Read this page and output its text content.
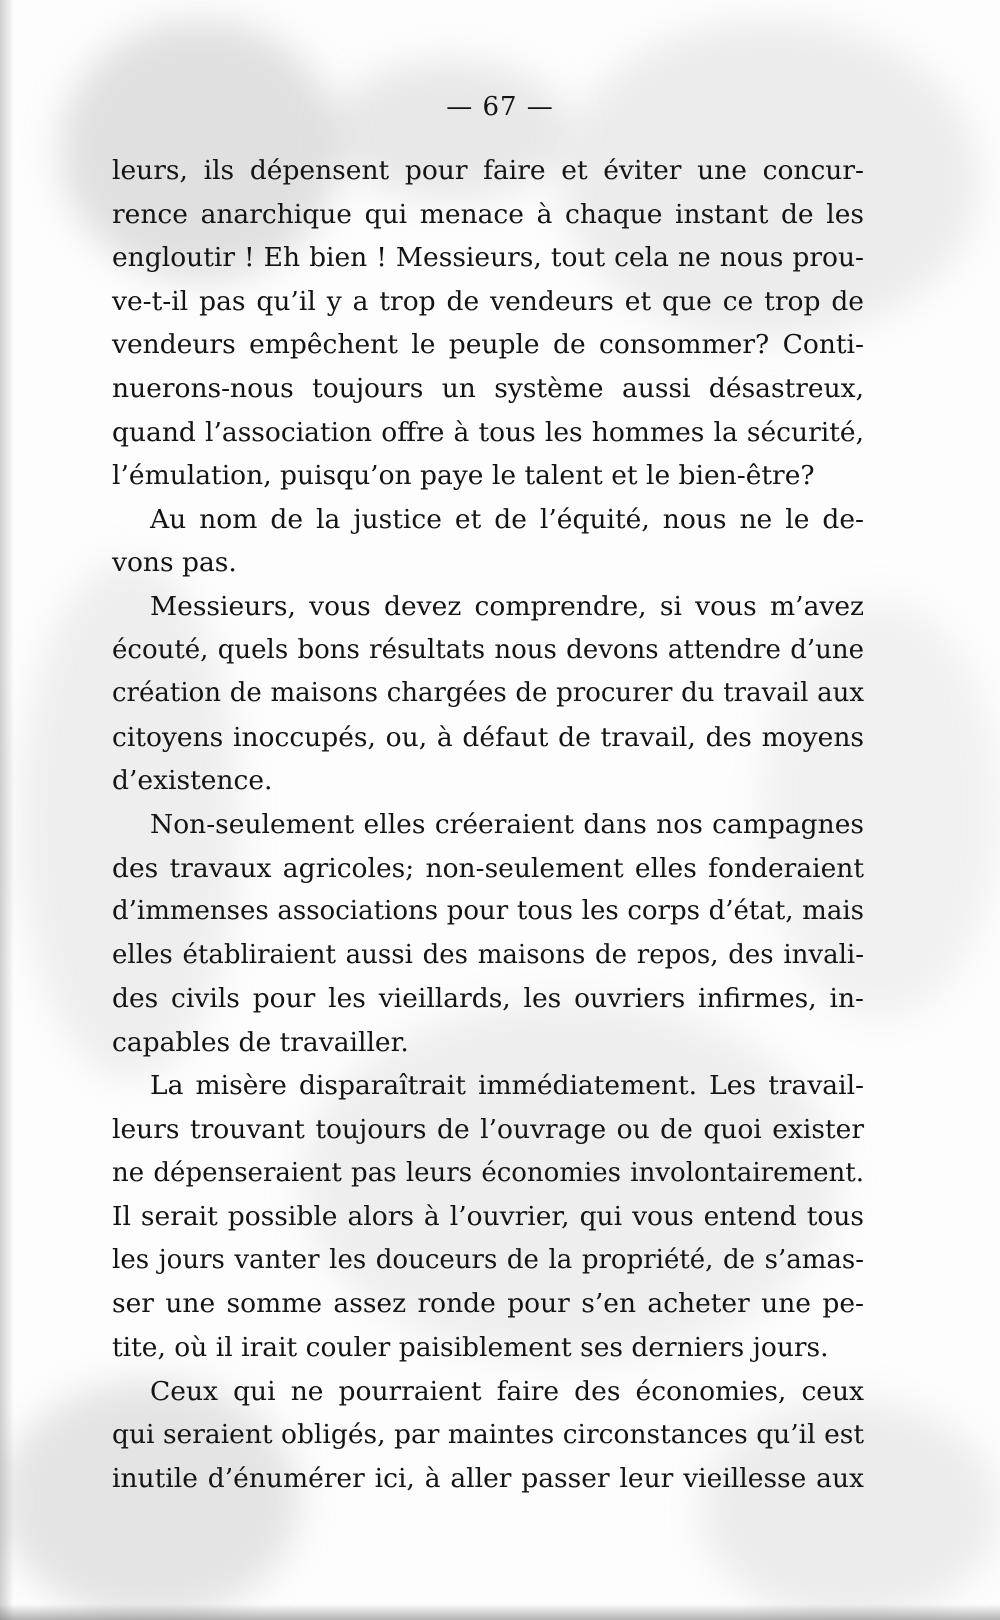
— 67 —
leurs, ils dépensent pour faire et éviter une concur-
rence anarchique qui menace à chaque instant de les
engloutir ! Eh bien ! Messieurs, tout cela ne nous prou-
ve-t-il pas qu’il y a trop de vendeurs et que ce trop de
vendeurs empêchent le peuple de consommer? Conti-
nuerons-nous toujours un système aussi désastreux,
quand l’association offre à tous les hommes la sécurité,
l’émulation, puisqu’on paye le talent et le bien-être?
Au nom de la justice et de l’équité, nous ne le de-
vons pas.
Messieurs, vous devez comprendre, si vous m’avez
écouté, quels bons résultats nous devons attendre d’une
création de maisons chargées de procurer du travail aux
citoyens inoccupés, ou, à défaut de travail, des moyens
d’existence.
Non-seulement elles créeraient dans nos campagnes
des travaux agricoles; non-seulement elles fonderaient
d’immenses associations pour tous les corps d’état, mais
elles établiraient aussi des maisons de repos, des invali-
des civils pour les vieillards, les ouvriers infirmes, in-
capables de travailler.
La misère disparaîtrait immédiatement. Les travail-
leurs trouvant toujours de l’ouvrage ou de quoi exister
ne dépenseraient pas leurs économies involontairement.
Il serait possible alors à l’ouvrier, qui vous entend tous
les jours vanter les douceurs de la propriété, de s’amas-
ser une somme assez ronde pour s’en acheter une pe-
tite, où il irait couler paisiblement ses derniers jours.
Ceux qui ne pourraient faire des économies, ceux
qui seraient obligés, par maintes circonstances qu’il est
inutile d’énumérer ici, à aller passer leur vieillesse aux
